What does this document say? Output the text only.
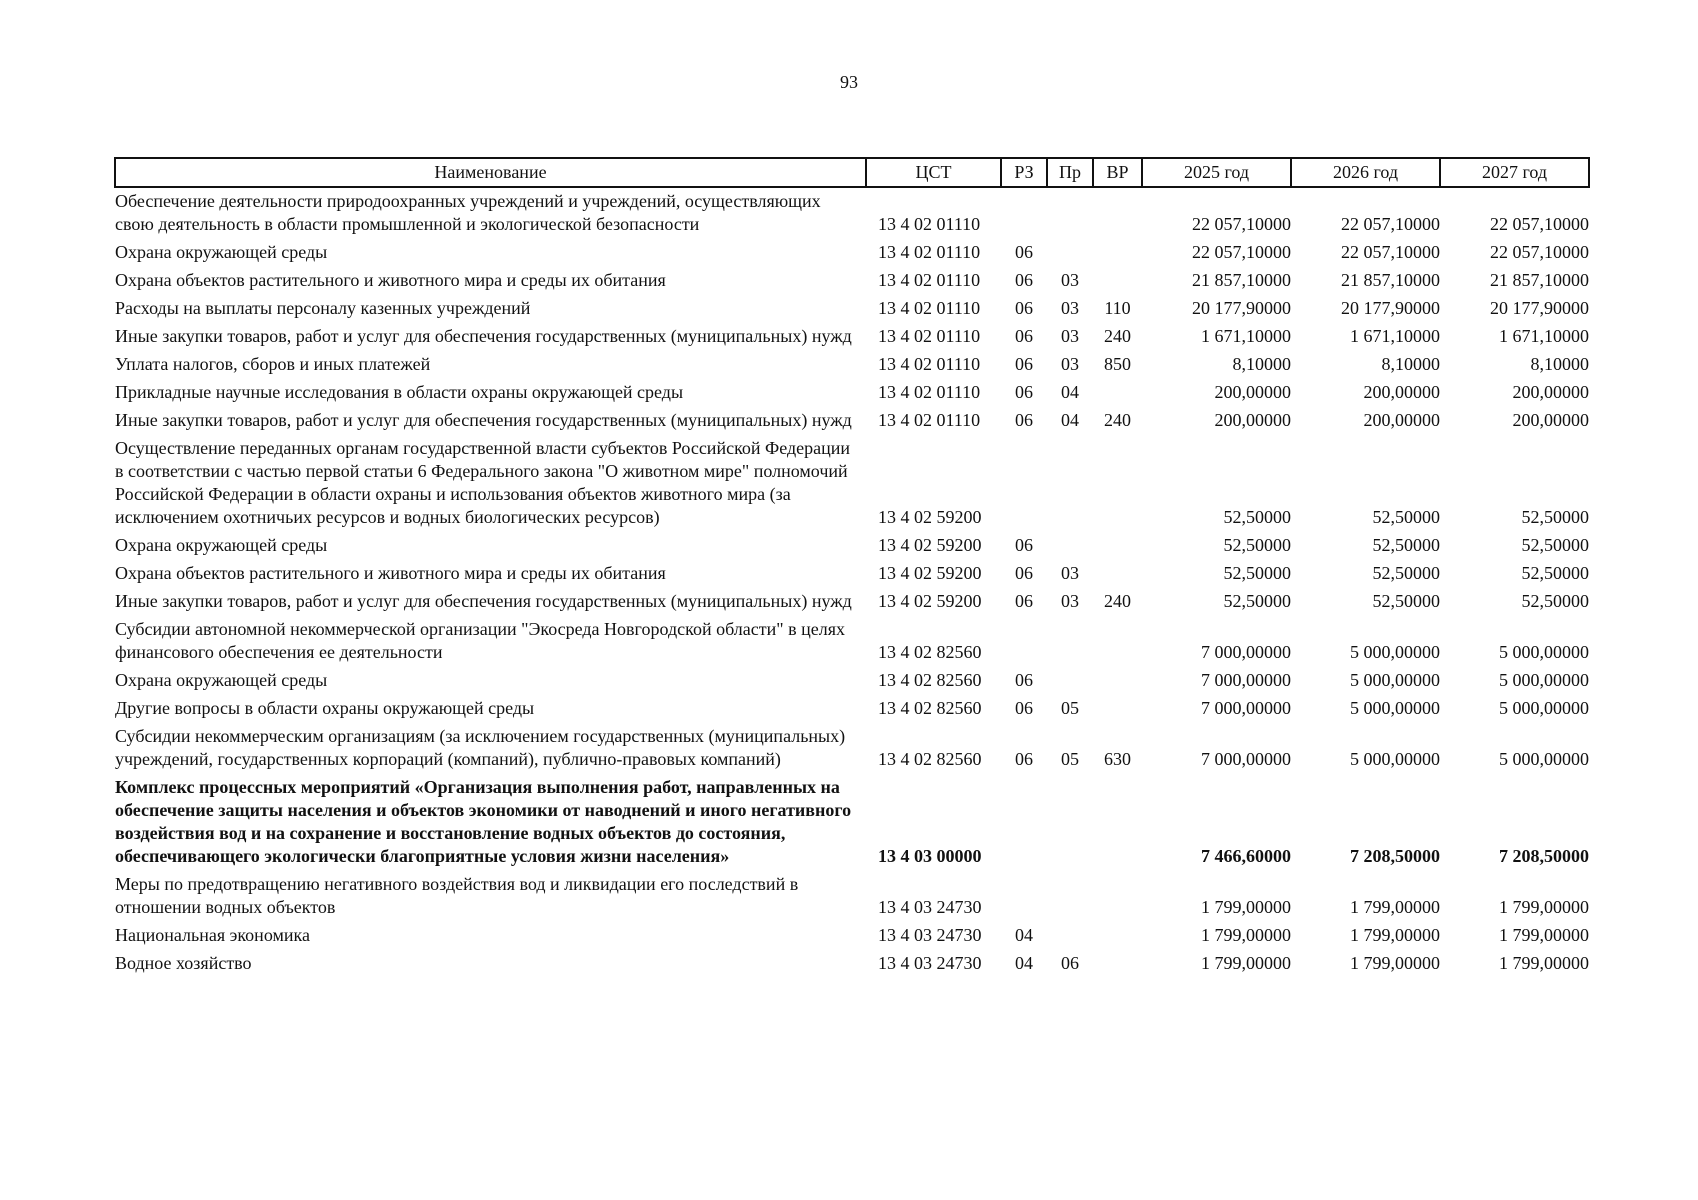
93
Наименование	ЦСТ	РЗ	Пр	ВР	2025 год	2026 год	2027 год
Обеспечение деятельности природоохранных учреждений и учреждений, осуществляющих свою деятельность в области промышленной и экологической безопасности	13 4 02 01110				22 057,10000	22 057,10000	22 057,10000
Охрана окружающей среды	13 4 02 01110	06			22 057,10000	22 057,10000	22 057,10000
Охрана объектов растительного и животного мира и среды их обитания	13 4 02 01110	06	03		21 857,10000	21 857,10000	21 857,10000
Расходы на выплаты персоналу казенных учреждений	13 4 02 01110	06	03	110	20 177,90000	20 177,90000	20 177,90000
Иные закупки товаров, работ и услуг для обеспечения государственных (муниципальных) нужд	13 4 02 01110	06	03	240	1 671,10000	1 671,10000	1 671,10000
Уплата налогов, сборов и иных платежей	13 4 02 01110	06	03	850	8,10000	8,10000	8,10000
Прикладные научные исследования в области охраны окружающей среды	13 4 02 01110	06	04		200,00000	200,00000	200,00000
Иные закупки товаров, работ и услуг для обеспечения государственных (муниципальных) нужд	13 4 02 01110	06	04	240	200,00000	200,00000	200,00000
Осуществление переданных органам государственной власти субъектов Российской Федерации в соответствии с частью первой статьи 6 Федерального закона "О животном мире" полномочий Российской Федерации в области охраны и использования объектов животного мира (за исключением охотничьих ресурсов и водных биологических ресурсов)	13 4 02 59200				52,50000	52,50000	52,50000
Охрана окружающей среды	13 4 02 59200	06			52,50000	52,50000	52,50000
Охрана объектов растительного и животного мира и среды их обитания	13 4 02 59200	06	03		52,50000	52,50000	52,50000
Иные закупки товаров, работ и услуг для обеспечения государственных (муниципальных) нужд	13 4 02 59200	06	03	240	52,50000	52,50000	52,50000
Субсидии автономной некоммерческой организации "Экосреда Новгородской области" в целях финансового обеспечения ее деятельности	13 4 02 82560				7 000,00000	5 000,00000	5 000,00000
Охрана окружающей среды	13 4 02 82560	06			7 000,00000	5 000,00000	5 000,00000
Другие вопросы в области охраны окружающей среды	13 4 02 82560	06	05		7 000,00000	5 000,00000	5 000,00000
Субсидии некоммерческим организациям (за исключением государственных (муниципальных) учреждений, государственных корпораций (компаний), публично-правовых компаний)	13 4 02 82560	06	05	630	7 000,00000	5 000,00000	5 000,00000
Комплекс процессных мероприятий «Организация выполнения работ, направленных на обеспечение защиты населения и объектов экономики от наводнений и иного негативного воздействия вод и на сохранение и восстановление водных объектов до состояния, обеспечивающего экологически благоприятные условия жизни населения»	13 4 03 00000				7 466,60000	7 208,50000	7 208,50000
Меры по предотвращению негативного воздействия вод и ликвидации его последствий в отношении водных объектов	13 4 03 24730				1 799,00000	1 799,00000	1 799,00000
Национальная экономика	13 4 03 24730	04			1 799,00000	1 799,00000	1 799,00000
Водное хозяйство	13 4 03 24730	04	06		1 799,00000	1 799,00000	1 799,00000
